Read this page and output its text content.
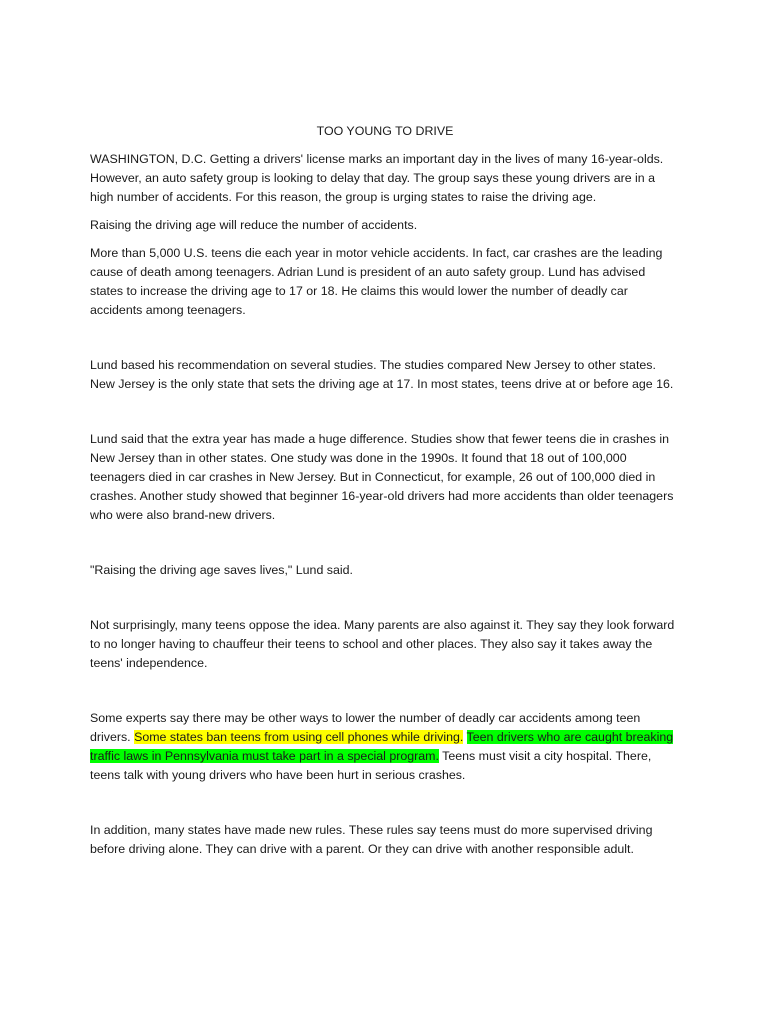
TOO YOUNG TO DRIVE

WASHINGTON, D.C. Getting a drivers' license marks an important day in the lives of many 16-year-olds. However, an auto safety group is looking to delay that day. The group says these young drivers are in a high number of accidents. For this reason, the group is urging states to raise the driving age.

Raising the driving age will reduce the number of accidents.

More than 5,000 U.S. teens die each year in motor vehicle accidents. In fact, car crashes are the leading cause of death among teenagers. Adrian Lund is president of an auto safety group. Lund has advised states to increase the driving age to 17 or 18. He claims this would lower the number of deadly car accidents among teenagers.

Lund based his recommendation on several studies. The studies compared New Jersey to other states. New Jersey is the only state that sets the driving age at 17. In most states, teens drive at or before age 16.

Lund said that the extra year has made a huge difference. Studies show that fewer teens die in crashes in New Jersey than in other states. One study was done in the 1990s. It found that 18 out of 100,000 teenagers died in car crashes in New Jersey. But in Connecticut, for example, 26 out of 100,000 died in crashes. Another study showed that beginner 16-year-old drivers had more accidents than older teenagers who were also brand-new drivers.

"Raising the driving age saves lives," Lund said.

Not surprisingly, many teens oppose the idea. Many parents are also against it. They say they look forward to no longer having to chauffeur their teens to school and other places. They also say it takes away the teens' independence.

Some experts say there may be other ways to lower the number of deadly car accidents among teen drivers. Some states ban teens from using cell phones while driving. Teen drivers who are caught breaking traffic laws in Pennsylvania must take part in a special program. Teens must visit a city hospital. There, teens talk with young drivers who have been hurt in serious crashes.

In addition, many states have made new rules. These rules say teens must do more supervised driving before driving alone. They can drive with a parent. Or they can drive with another responsible adult.
